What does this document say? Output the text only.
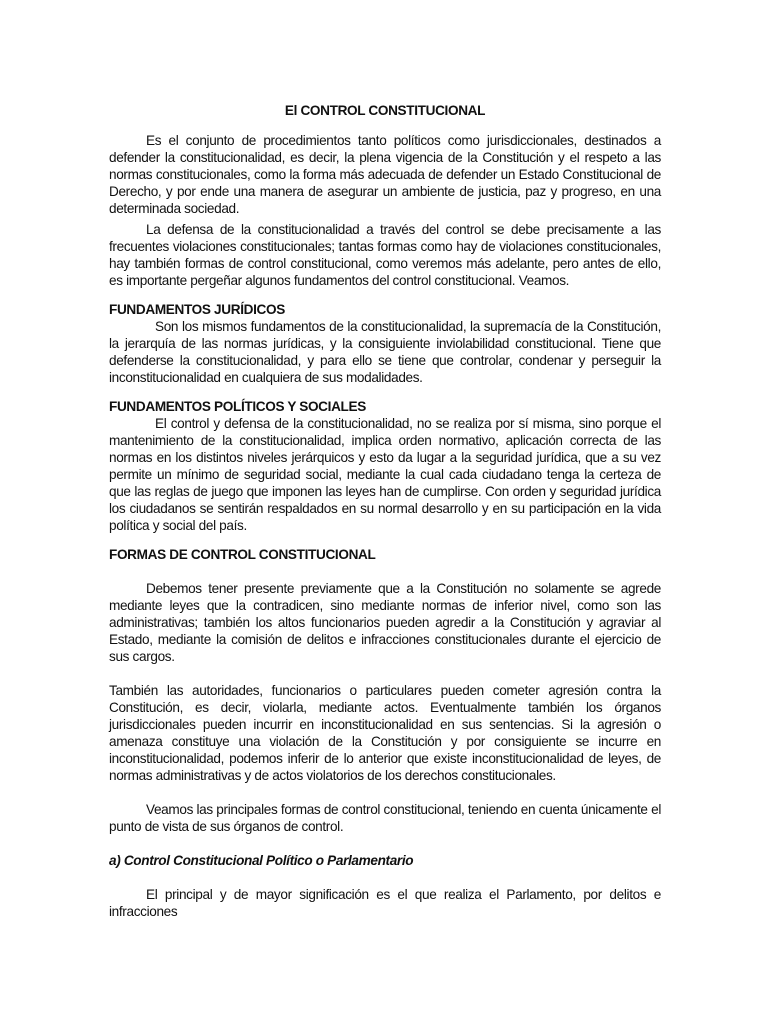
El CONTROL CONSTITUCIONAL

Es el conjunto de procedimientos tanto políticos como jurisdiccionales, destinados a defender la constitucionalidad, es decir, la plena vigencia de la Constitución y el respeto a las normas constitucionales, como la forma más adecuada de defender un Estado Constitucional de Derecho, y por ende una manera de asegurar un ambiente de justicia, paz y progreso, en una determinada sociedad.

La defensa de la constitucionalidad a través del control se debe precisamente a las frecuentes violaciones constitucionales; tantas formas como hay de violaciones constitucionales, hay también formas de control constitucional, como veremos más adelante, pero antes de ello, es importante pergeñar algunos fundamentos del control constitucional. Veamos.

FUNDAMENTOS JURÍDICOS

Son los mismos fundamentos de la constitucionalidad, la supremacía de la Constitución, la jerarquía de las normas jurídicas, y la consiguiente inviolabilidad constitucional. Tiene que defenderse la constitucionalidad, y para ello se tiene que controlar, condenar y perseguir la inconstitucionalidad en cualquiera de sus modalidades.

FUNDAMENTOS POLÍTICOS Y SOCIALES

El control y defensa de la constitucionalidad, no se realiza por sí misma, sino porque el mantenimiento de la constitucionalidad, implica orden normativo, aplicación correcta de las normas en los distintos niveles jerárquicos y esto da lugar a la seguridad jurídica, que a su vez permite un mínimo de seguridad social, mediante la cual cada ciudadano tenga la certeza de que las reglas de juego que imponen las leyes han de cumplirse. Con orden y seguridad jurídica los ciudadanos se sentirán respaldados en su normal desarrollo y en su participación en la vida política y social del país.

FORMAS DE CONTROL CONSTITUCIONAL

Debemos tener presente previamente que a la Constitución no solamente se agrede mediante leyes que la contradicen, sino mediante normas de inferior nivel, como son las administrativas; también los altos funcionarios pueden agredir a la Constitución y agraviar al Estado, mediante la comisión de delitos e infracciones constitucionales durante el ejercicio de sus cargos.

También las autoridades, funcionarios o particulares pueden cometer agresión contra la Constitución, es decir, violarla, mediante actos. Eventualmente también los órganos jurisdiccionales pueden incurrir en inconstitucionalidad en sus sentencias. Si la agresión o amenaza constituye una violación de la Constitución y por consiguiente se incurre en inconstitucionalidad, podemos inferir de lo anterior que existe inconstitucionalidad de leyes, de normas administrativas y de actos violatorios de los derechos constitucionales.

Veamos las principales formas de control constitucional, teniendo en cuenta únicamente el punto de vista de sus órganos de control.

a) Control Constitucional Político o Parlamentario

El principal y de mayor significación es el que realiza el Parlamento, por delitos e infracciones
